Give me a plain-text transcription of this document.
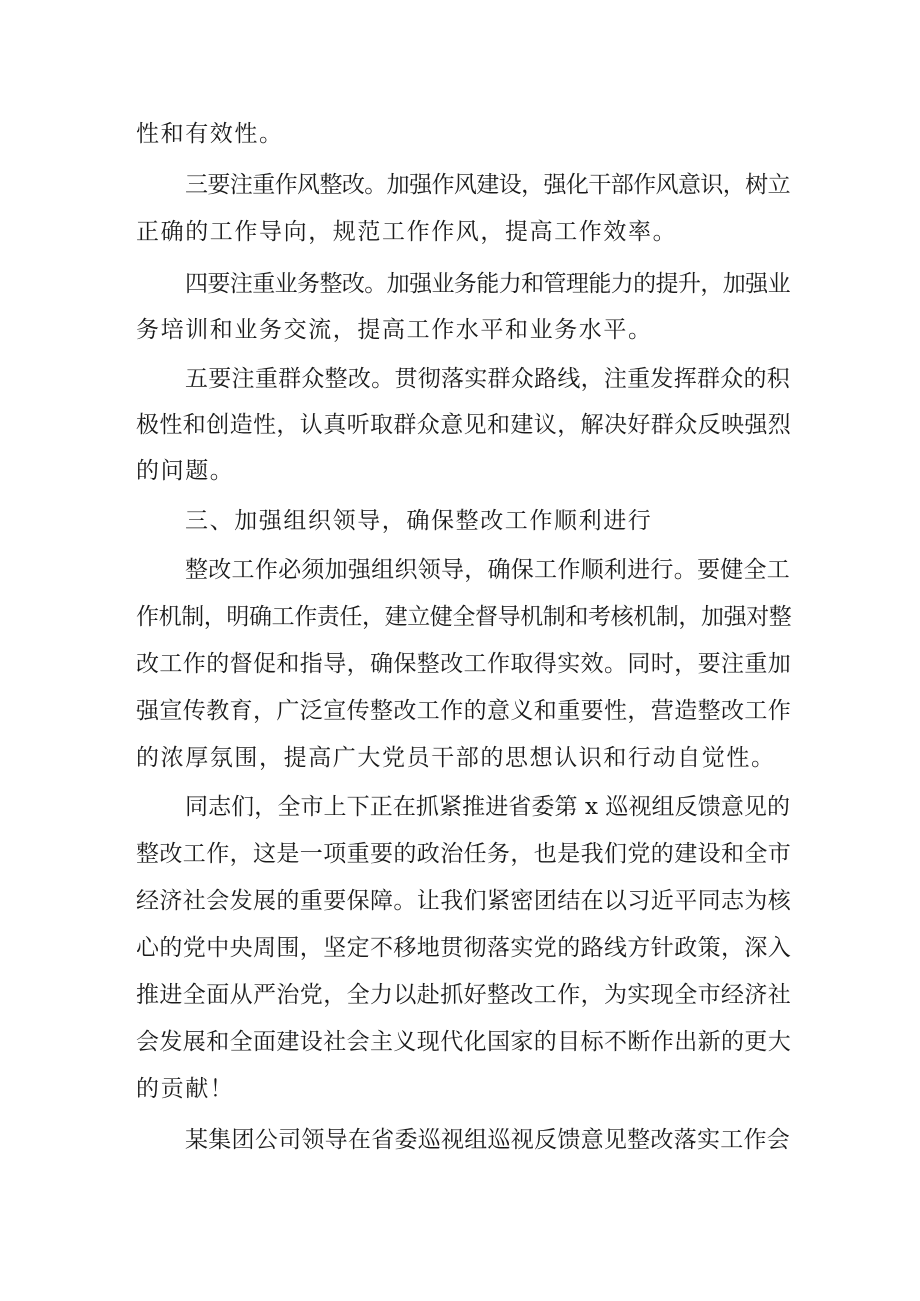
性和有效性。
三要注重作风整改。加强作风建设，强化干部作风意识，树立
正确的工作导向，规范工作作风，提高工作效率。
四要注重业务整改。加强业务能力和管理能力的提升，加强业
务培训和业务交流，提高工作水平和业务水平。
五要注重群众整改。贯彻落实群众路线，注重发挥群众的积
极性和创造性，认真听取群众意见和建议，解决好群众反映强烈
的问题。
三、加强组织领导，确保整改工作顺利进行
整改工作必须加强组织领导，确保工作顺利进行。要健全工
作机制，明确工作责任，建立健全督导机制和考核机制，加强对整
改工作的督促和指导，确保整改工作取得实效。同时，要注重加
强宣传教育，广泛宣传整改工作的意义和重要性，营造整改工作
的浓厚氛围，提高广大党员干部的思想认识和行动自觉性。
同志们，全市上下正在抓紧推进省委第 x 巡视组反馈意见的
整改工作，这是一项重要的政治任务，也是我们党的建设和全市
经济社会发展的重要保障。让我们紧密团结在以习近平同志为核
心的党中央周围，坚定不移地贯彻落实党的路线方针政策，深入
推进全面从严治党，全力以赴抓好整改工作，为实现全市经济社
会发展和全面建设社会主义现代化国家的目标不断作出新的更大
的贡献！
某集团公司领导在省委巡视组巡视反馈意见整改落实工作会
